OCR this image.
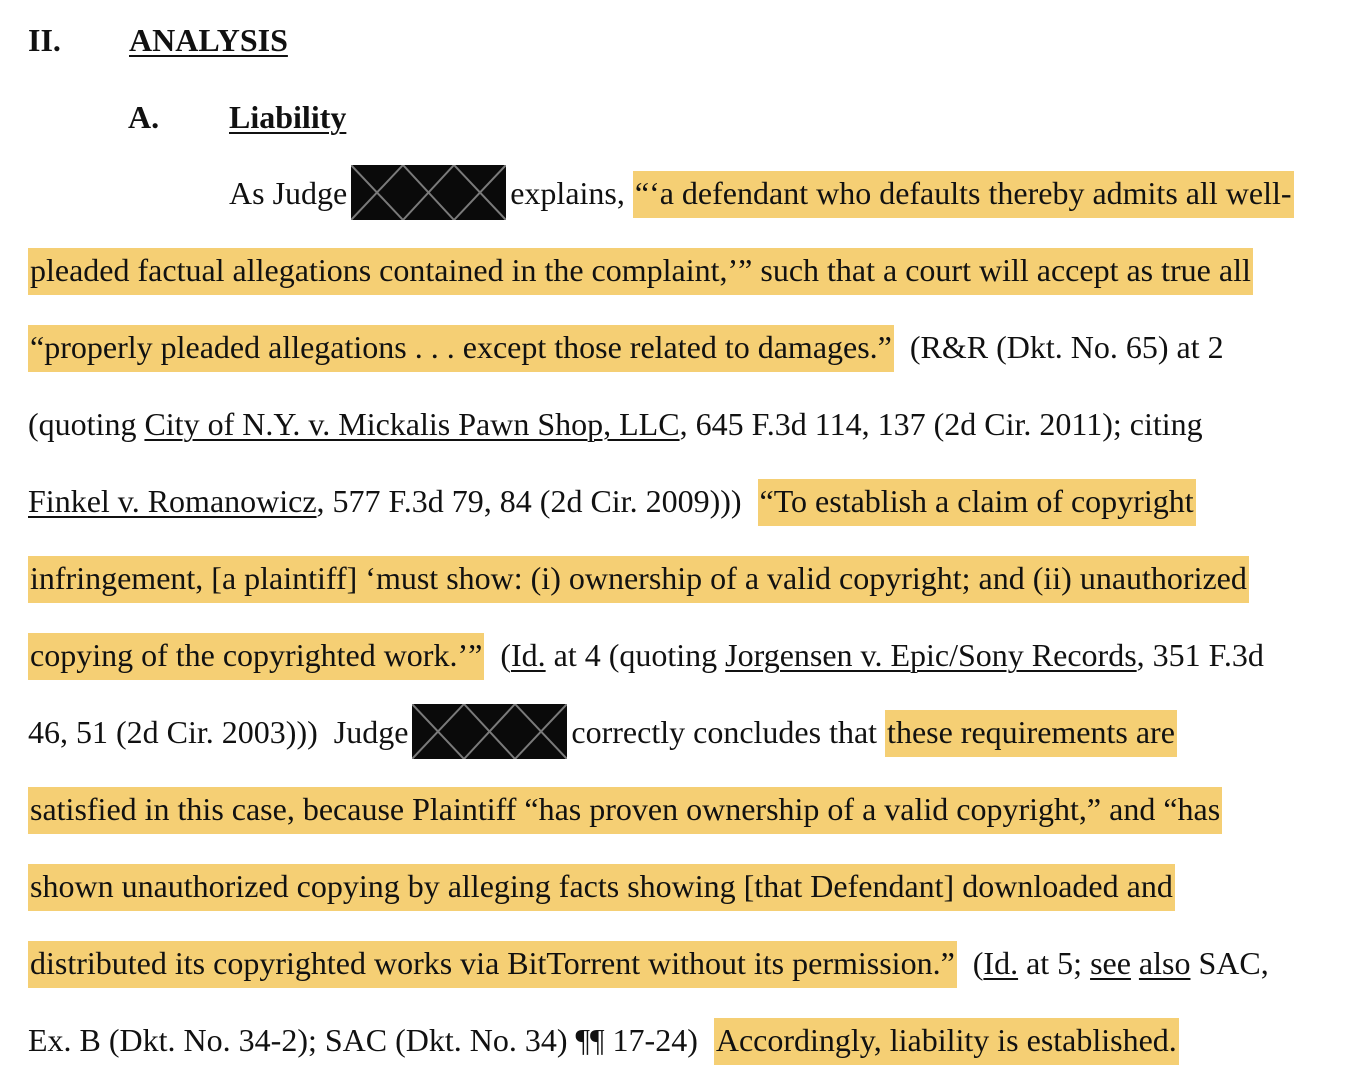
II. ANALYSIS
A. Liability
As Judge	explains, “‘a defendant who defaults thereby admits all well-
pleaded factual allegations contained in the complaint,’” such that a court will accept as true all
“properly pleaded allegations . . . except those related to damages.”  (R&R (Dkt. No. 65) at 2
(quoting City of N.Y. v. Mickalis Pawn Shop, LLC, 645 F.3d 114, 137 (2d Cir. 2011); citing
Finkel v. Romanowicz, 577 F.3d 79, 84 (2d Cir. 2009)))  “To establish a claim of copyright
infringement, [a plaintiff] ‘must show: (i) ownership of a valid copyright; and (ii) unauthorized
copying of the copyrighted work.’”  (Id. at 4 (quoting Jorgensen v. Epic/Sony Records, 351 F.3d
46, 51 (2d Cir. 2003)))  Judge	correctly concludes that these requirements are
satisfied in this case, because Plaintiff “has proven ownership of a valid copyright,” and “has
shown unauthorized copying by alleging facts showing [that Defendant] downloaded and
distributed its copyrighted works via BitTorrent without its permission.”  (Id. at 5; see also SAC,
Ex. B (Dkt. No. 34-2); SAC (Dkt. No. 34) ¶¶ 17-24)  Accordingly, liability is established.
